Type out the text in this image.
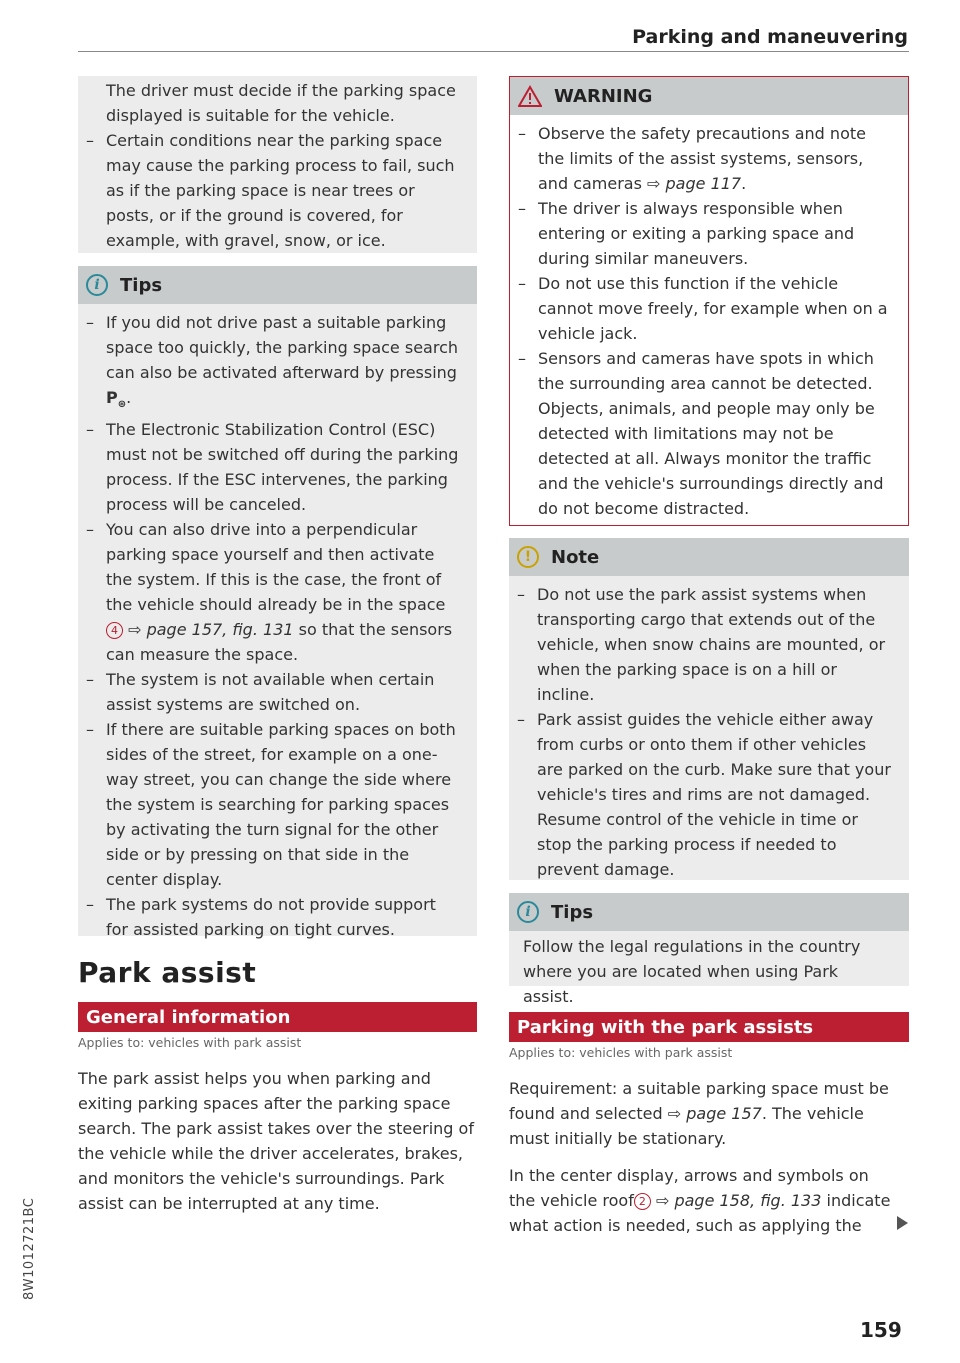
Parking and maneuvering

The driver must decide if the parking space displayed is suitable for the vehicle.

– Certain conditions near the parking space may cause the parking process to fail, such as if the parking space is near trees or posts, or if the ground is covered, for example, with gravel, snow, or ice.
i	Tips
– If you did not drive past a suitable parking space too quickly, the parking space search can also be activated afterward by pressing $P_⊛$.
– The Electronic Stabilization Control (ESC) must not be switched off during the parking process. If the ESC intervenes, the parking process will be canceled.
– You can also drive into a perpendicular parking space yourself and then activate the system. If this is the case, the front of the vehicle should already be in the space 4 ⇨ page 157, fig. 131 so that the sensors can measure the space.
– The system is not available when certain assist systems are switched on.
– If there are suitable parking spaces on both sides of the street, for example on a one-way street, you can change the side where the system is searching for parking spaces by activating the turn signal for the other side or by pressing on that side in the center display.
– The park systems do not provide support for assisted parking on tight curves.
Park assist
General information
Applies to: vehicles with park assist

The park assist helps you when parking and exiting parking spaces after the parking space search. The park assist takes over the steering of the vehicle while the driver accelerates, brakes, and monitors the vehicle's surroundings. Park assist can be interrupted at any time.

WARNING
– Observe the safety precautions and note the limits of the assist systems, sensors, and cameras ⇨ page 117.
– The driver is always responsible when entering or exiting a parking space and during similar maneuvers.
– Do not use this function if the vehicle cannot move freely, for example when on a vehicle jack.
– Sensors and cameras have spots in which the surrounding area cannot be detected. Objects, animals, and people may only be detected with limitations may not be detected at all. Always monitor the traffic and the vehicle's surroundings directly and do not become distracted.
!	Note
– Do not use the park assist systems when transporting cargo that extends out of the vehicle, when snow chains are mounted, or when the parking space is on a hill or incline.
– Park assist guides the vehicle either away from curbs or onto them if other vehicles are parked on the curb. Make sure that your vehicle's tires and rims are not damaged. Resume control of the vehicle in time or stop the parking process if needed to prevent damage.
i	Tips

Follow the legal regulations in the country where you are located when using Park assist.

Parking with the park assists
Applies to: vehicles with park assist

Requirement: a suitable parking space must be found and selected ⇨ page 157. The vehicle must initially be stationary.

In the center display, arrows and symbols on the vehicle roof 2 ⇨ page 158, fig. 133 indicate what action is needed, such as applying the

8W1012721BC
159
